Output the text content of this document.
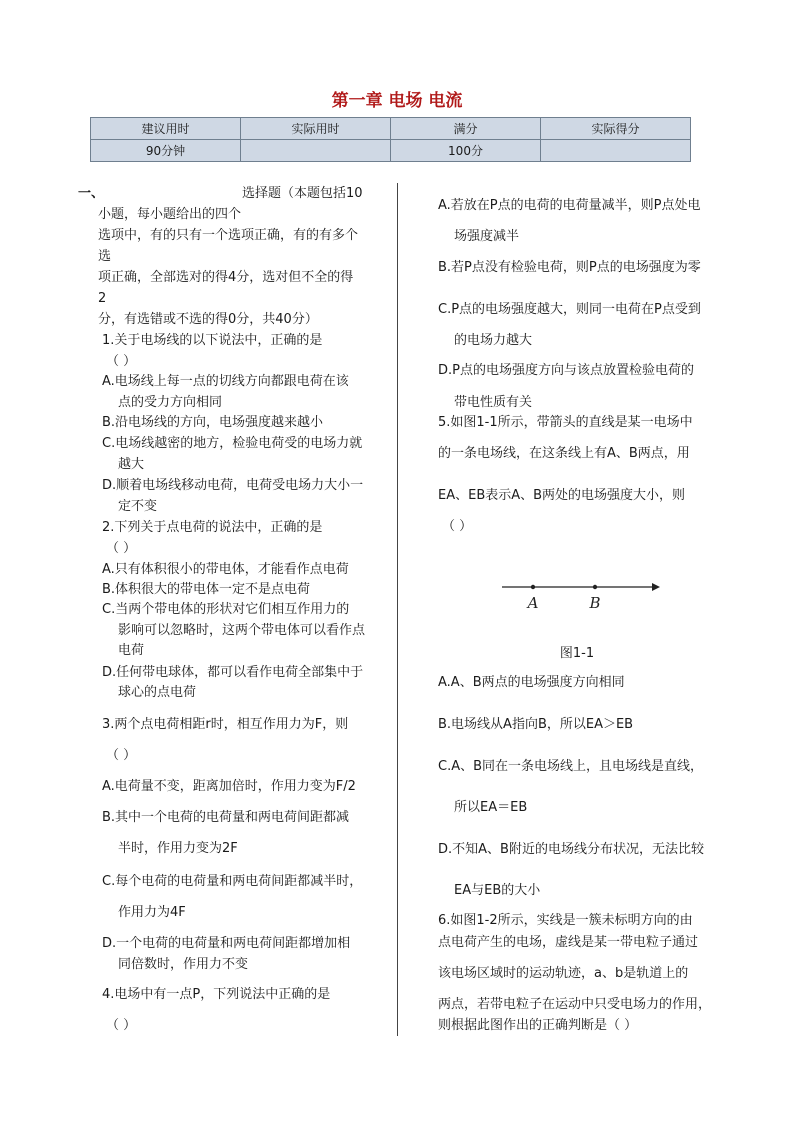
第一章 电场 电流
建议用时	实际用时	满分	实际得分
90分钟		100分	
一、	选择题（本题包括10
小题，每小题给出的四个
选项中，有的只有一个选项正确，有的有多个
选
项正确，全部选对的得4分，选对但不全的得
2
分，有选错或不选的得0分，共40分）
1.关于电场线的以下说法中，正确的是
（ ）
A.电场线上每一点的切线方向都跟电荷在该
点的受力方向相同
B.沿电场线的方向，电场强度越来越小
C.电场线越密的地方，检验电荷受的电场力就
越大
D.顺着电场线移动电荷，电荷受电场力大小一
定不变
2.下列关于点电荷的说法中，正确的是
（ ）
A.只有体积很小的带电体，才能看作点电荷
B.体积很大的带电体一定不是点电荷
C.当两个带电体的形状对它们相互作用力的
影响可以忽略时，这两个带电体可以看作点
电荷
D.任何带电球体，都可以看作电荷全部集中于
球心的点电荷
3.两个点电荷相距r时，相互作用力为F，则
（ ）
A.电荷量不变，距离加倍时，作用力变为F/2
B.其中一个电荷的电荷量和两电荷间距都减
半时，作用力变为2F
C.每个电荷的电荷量和两电荷间距都减半时，
作用力为4F
D.一个电荷的电荷量和两电荷间距都增加相
同倍数时，作用力不变
4.电场中有一点P，下列说法中正确的是
（ ）
A.若放在P点的电荷的电荷量减半，则P点处电
场强度减半
B.若P点没有检验电荷，则P点的电场强度为零
C.P点的电场强度越大，则同一电荷在P点受到
的电场力越大
D.P点的电场强度方向与该点放置检验电荷的
带电性质有关
5.如图1-1所示，带箭头的直线是某一电场中
的一条电场线，在这条线上有A、B两点，用
EA、EB表示A、B两处的电场强度大小，则
（ ）
A.A、B两点的电场强度方向相同
B.电场线从A指向B，所以EA＞EB
C.A、B同在一条电场线上，且电场线是直线，
所以EA＝EB
D.不知A、B附近的电场线分布状况，无法比较
EA与EB的大小
6.如图1-2所示，实线是一簇未标明方向的由
点电荷产生的电场，虚线是某一带电粒子通过
该电场区域时的运动轨迹，a、b是轨道上的
两点，若带电粒子在运动中只受电场力的作用，
则根据此图作出的正确判断是（ ）
A	B
图1-1
